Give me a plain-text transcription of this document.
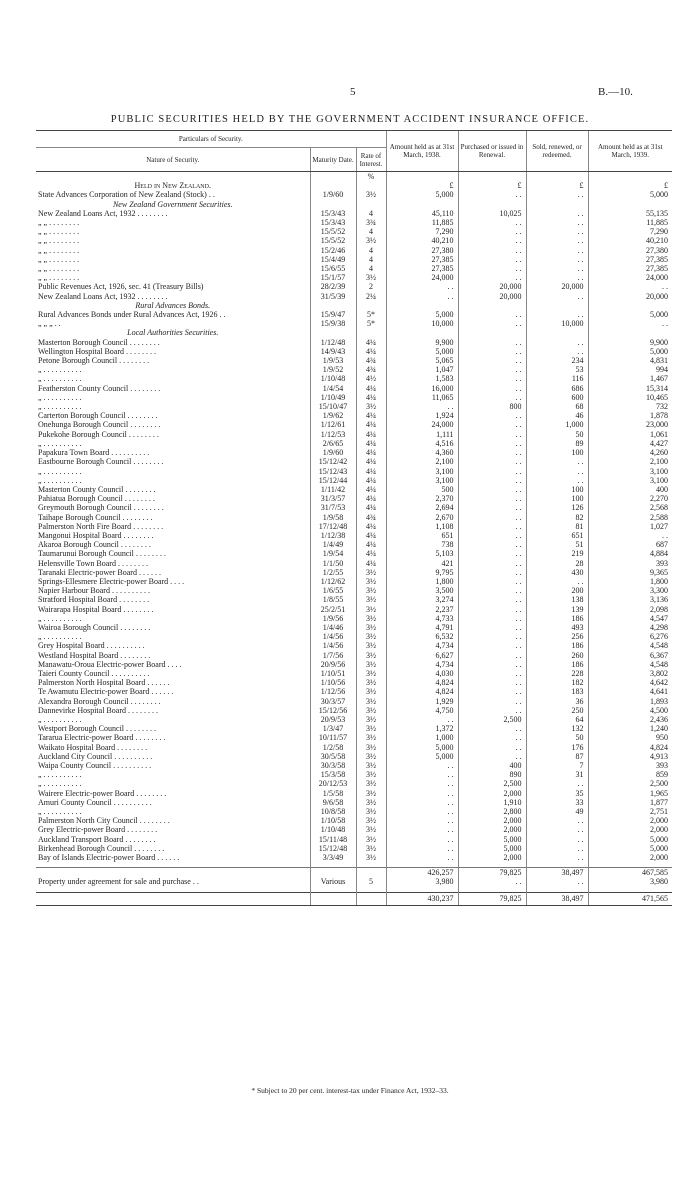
5	B.—10.
PUBLIC SECURITIES HELD BY THE GOVERNMENT ACCIDENT INSURANCE OFFICE.
Particulars of Security.			Amount held as at 31st March, 1938.	Purchased or issued in Renewal.	Sold, renewed, or redeemed.	Amount held as at 31st March, 1939.
Nature of Security.	Maturity Date.	Rate of Interest.				
		%				
Held in New Zealand.			£	£	£	£
State Advances Corporation of New Zealand (Stock) . .	1/9/60	3½	5,000	. .	. .	5,000
New Zealand Government Securities.						
New Zealand Loans Act, 1932 . . . . . . . .	15/3/43	4	45,110	10,025	. .	55,135
„ „ . . . . . . . .	15/3/43	3¾	11,885	. .	. .	11,885
„ „ . . . . . . . .	15/5/52	4	7,290	. .	. .	7,290
„ „ . . . . . . . .	15/5/52	3½	40,210	. .	. .	40,210
„ „ . . . . . . . .	15/2/46	4	27,380	. .	. .	27,380
„ „ . . . . . . . .	15/4/49	4	27,385	. .	. .	27,385
„ „ . . . . . . . .	15/6/55	4	27,385	. .	. .	27,385
„ „ . . . . . . . .	15/1/57	3½	24,000	. .	. .	24,000
Public Revenues Act, 1926, sec. 41 (Treasury Bills)	28/2/39	2	. .	20,000	20,000	. .
New Zealand Loans Act, 1932 . . . . . . . .	31/5/39	2¼	. .	20,000	. .	20,000
Rural Advances Bonds.						
Rural Advances Bonds under Rural Advances Act, 1926 . .	15/9/47	5*	5,000	. .	. .	5,000
„ „ „ . .	15/9/38	5*	10,000	. .	10,000	. .
Local Authorities Securities.						
Masterton Borough Council . . . . . . . .	1/12/48	4¼	9,900	. .	. .	9,900
Wellington Hospital Board . . . . . . . .	14/9/43	4¼	5,000	. .	. .	5,000
Petone Borough Council . . . . . . . .	1/9/53	4¾	5,065	. .	234	4,831
„ . . . . . . . . . .	1/9/52	4¾	1,047	. .	53	994
„ . . . . . . . . . .	1/10/48	4½	1,583	. .	116	1,467
Featherston County Council . . . . . . . .	1/4/54	4¼	16,000	. .	686	15,314
„ . . . . . . . . . .	1/10/49	4¼	11,065	. .	600	10,465
„ . . . . . . . . . .	15/10/47	3½	. .	800	68	732
Carterton Borough Council . . . . . . . .	1/9/62	4¼	1,924	. .	46	1,878
Onehunga Borough Council . . . . . . . .	1/12/61	4¼	24,000	. .	1,000	23,000
Pukekohe Borough Council . . . . . . . .	1/12/53	4¼	1,111	. .	50	1,061
„ . . . . . . . . . .	2/6/65	4¼	4,516	. .	89	4,427
Papakura Town Board . . . . . . . . . .	1/9/60	4¼	4,360	. .	100	4,260
Eastbourne Borough Council . . . . . . . .	15/12/42	4¼	2,100	. .	. .	2,100
„ . . . . . . . . . .	15/12/43	4¼	3,100	. .	. .	3,100
„ . . . . . . . . . .	15/12/44	4¼	3,100	. .	. .	3,100
Masterton County Council . . . . . . . .	1/11/42	4¼	500	. .	100	400
Pahiatua Borough Council . . . . . . . .	31/3/57	4¼	2,370	. .	100	2,270
Greymouth Borough Council . . . . . . . .	31/7/53	4¼	2,694	. .	126	2,568
Taihape Borough Council . . . . . . . .	1/9/58	4¾	2,670	. .	82	2,588
Palmerston North Fire Board . . . . . . . .	17/12/48	4¼	1,108	. .	81	1,027
Mangonui Hospital Board . . . . . . . .	1/12/38	4¼	651	. .	651	. .
Akaroa Borough Council . . . . . . . .	1/4/49	4¼	738	. .	51	687
Taumarunui Borough Council . . . . . . . .	1/9/54	4¼	5,103	. .	219	4,884
Helensville Town Board . . . . . . . .	1/1/50	4¼	421	. .	28	393
Taranaki Electric-power Board . . . . . .	1/2/55	3½	9,795	. .	430	9,365
Springs-Ellesmere Electric-power Board . . . .	1/12/62	3½	1,800	. .	. .	1,800
Napier Harbour Board . . . . . . . . . .	1/6/55	3½	3,500	. .	200	3,300
Stratford Hospital Board . . . . . . . .	1/8/55	3½	3,274	. .	138	3,136
Wairarapa Hospital Board . . . . . . . .	25/2/51	3½	2,237	. .	139	2,098
„ . . . . . . . . . .	1/9/56	3½	4,733	. .	186	4,547
Wairoa Borough Council . . . . . . . .	1/4/46	3½	4,791	. .	493	4,298
„ . . . . . . . . . .	1/4/56	3½	6,532	. .	256	6,276
Grey Hospital Board . . . . . . . . . .	1/4/56	3½	4,734	. .	186	4,548
Westland Hospital Board . . . . . . . .	1/7/56	3½	6,627	. .	260	6,367
Manawatu-Oroua Electric-power Board . . . .	20/9/56	3½	4,734	. .	186	4,548
Taieri County Council . . . . . . . . . .	1/10/51	3½	4,030	. .	228	3,802
Palmerston North Hospital Board . . . . . .	1/10/56	3½	4,824	. .	182	4,642
Te Awamutu Electric-power Board . . . . . .	1/12/56	3½	4,824	. .	183	4,641
Alexandra Borough Council . . . . . . . .	30/3/57	3½	1,929	. .	36	1,893
Dannevirke Hospital Board . . . . . . . .	15/12/56	3½	4,750	. .	250	4,500
„ . . . . . . . . . .	20/9/53	3½	. .	2,500	64	2,436
Westport Borough Council . . . . . . . .	1/3/47	3½	1,372	. .	132	1,240
Tararua Electric-power Board . . . . . . . .	10/11/57	3½	1,000	. .	50	950
Waikato Hospital Board . . . . . . . .	1/2/58	3½	5,000	. .	176	4,824
Auckland City Council . . . . . . . . . .	30/5/58	3½	5,000	. .	87	4,913
Waipa County Council . . . . . . . . . .	30/3/58	3½	. .	400	7	393
„ . . . . . . . . . .	15/3/58	3½	. .	890	31	859
„ . . . . . . . . . .	20/12/53	3½	. .	2,500	. .	2,500
Wairere Electric-power Board . . . . . . . .	1/5/58	3½	. .	2,000	35	1,965
Amuri County Council . . . . . . . . . .	9/6/58	3½	. .	1,910	33	1,877
„ . . . . . . . . . .	10/8/58	3½	. .	2,800	49	2,751
Palmerston North City Council . . . . . . . .	1/10/58	3½	. .	2,000	. .	2,000
Grey Electric-power Board . . . . . . . .	1/10/48	3½	. .	2,000	. .	2,000
Auckland Transport Board . . . . . . . .	15/11/48	3½	. .	5,000	. .	5,000
Birkenhead Borough Council . . . . . . . .	15/12/48	3½	. .	5,000	. .	5,000
Bay of Islands Electric-power Board . . . . . .	3/3/49	3½	. .	2,000	. .	2,000

			426,257	79,825	38,497	467,585
Property under agreement for sale and purchase . .	Various	5	3,980	. .	. .	3,980

			430,237	79,825	38,497	471,565
* Subject to 20 per cent. interest-tax under Finance Act, 1932–33.
